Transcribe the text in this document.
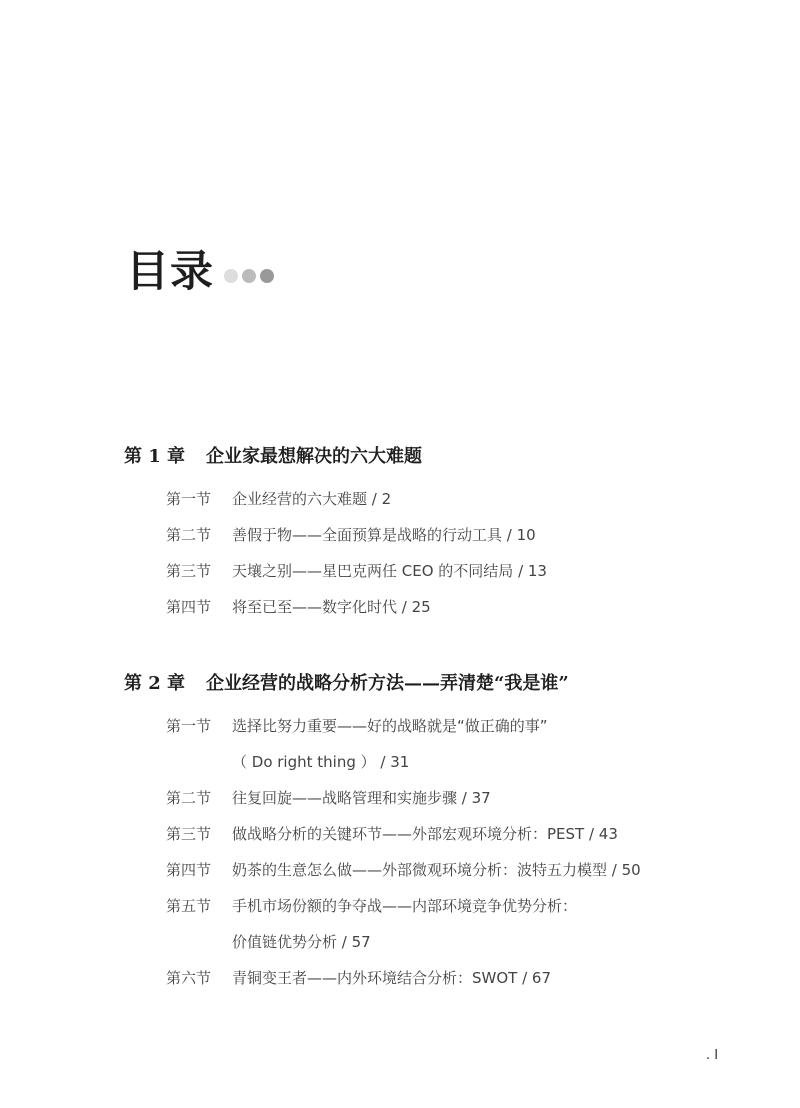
目录
第 1 章 企业家最想解决的六大难题
第一节	企业经营的六大难题 / 2
第二节	善假于物——全面预算是战略的行动工具 / 10
第三节	天壤之别——星巴克两任 CEO 的不同结局 / 13
第四节	将至已至——数字化时代 / 25
第 2 章 企业经营的战略分析方法——弄清楚“我是谁”
第一节	选择比努力重要——好的战略就是“做正确的事”
（ Do right thing ） / 31
第二节	往复回旋——战略管理和实施步骤 / 37
第三节	做战略分析的关键环节——外部宏观环境分析：PEST / 43
第四节	奶茶的生意怎么做——外部微观环境分析：波特五力模型 / 50
第五节	手机市场份额的争夺战——内部环境竞争优势分析：
价值链优势分析 / 57
第六节	青铜变王者——内外环境结合分析：SWOT / 67
. I
